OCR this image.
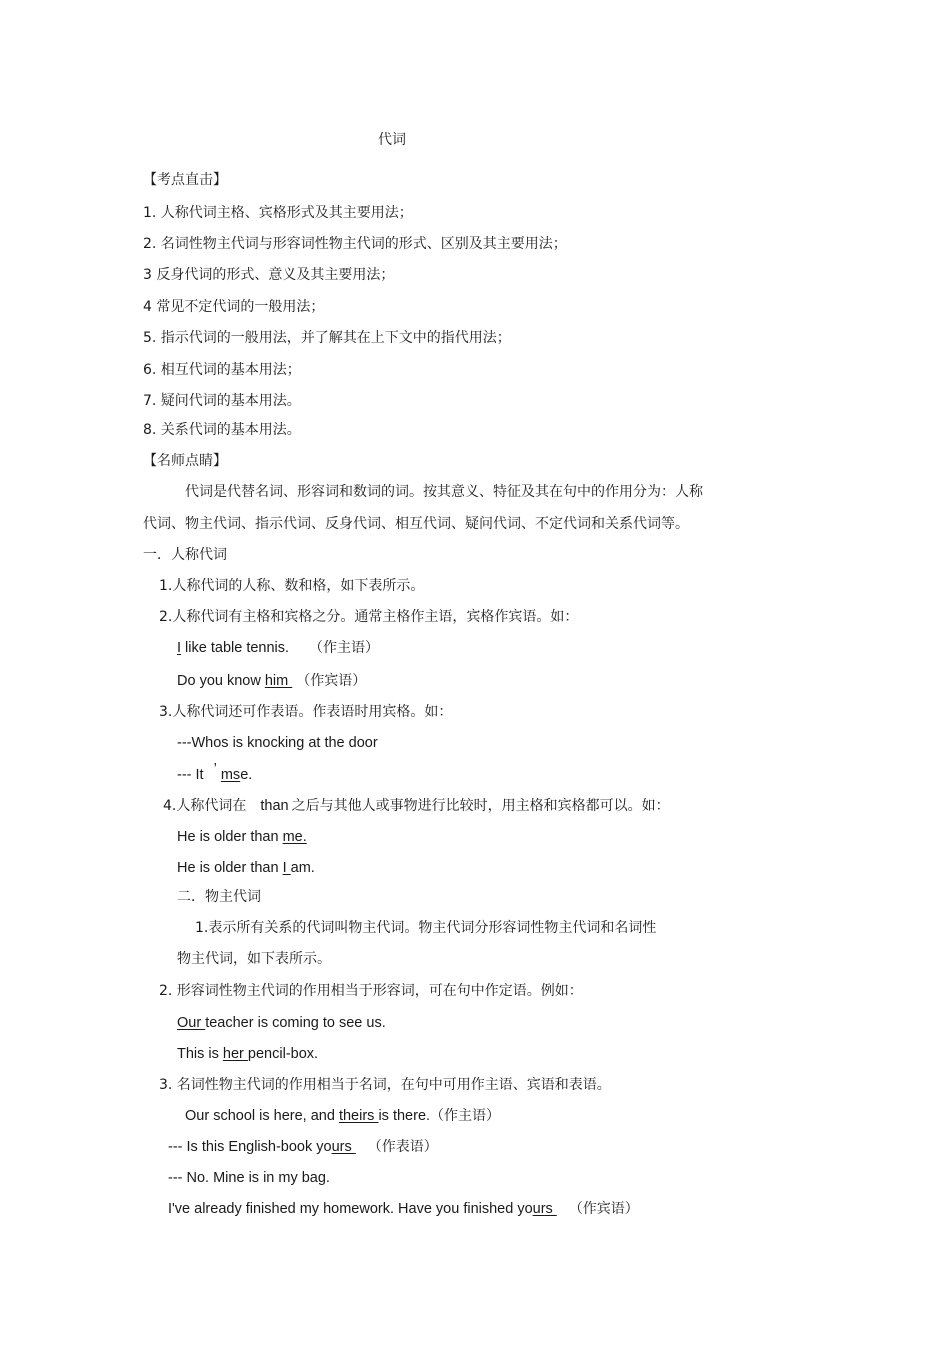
代词
【考点直击】
1. 人称代词主格、宾格形式及其主要用法；
2. 名词性物主代词与形容词性物主代词的形式、区别及其主要用法；
3 反身代词的形式、意义及其主要用法；
4 常见不定代词的一般用法；
5. 指示代词的一般用法，并了解其在上下文中的指代用法；
6. 相互代词的基本用法；
7. 疑问代词的基本用法。
8. 关系代词的基本用法。
【名师点睛】
代词是代替名词、形容词和数词的词。按其意义、特征及其在句中的作用分为：人称
代词、物主代词、指示代词、反身代词、相互代词、疑问代词、不定代词和关系代词等。
一．人称代词
1.人称代词的人称、数和格，如下表所示。
2.人称代词有主格和宾格之分。通常主格作主语，宾格作宾语。如：
I like table tennis. （作主语）
Do you know him （作宾语）
3.人称代词还可作表语。作表语时用宾格。如：
---Whos is knocking at the door
--- It ’ mse.
4.人称代词在 than 之后与其他人或事物进行比较时，用主格和宾格都可以。如：
He is older than me.
He is older than I am.
二．物主代词
1.表示所有关系的代词叫物主代词。物主代词分形容词性物主代词和名词性
物主代词，如下表所示。
2. 形容词性物主代词的作用相当于形容词，可在句中作定语。例如：
Our teacher is coming to see us.
This is her pencil-box.
3. 名词性物主代词的作用相当于名词，在句中可用作主语、宾语和表语。
Our school is here, and theirs is there.（作主语）
--- Is this English-book yours （作表语）
--- No. Mine is in my bag.
I've already finished my homework. Have you finished yours （作宾语）
